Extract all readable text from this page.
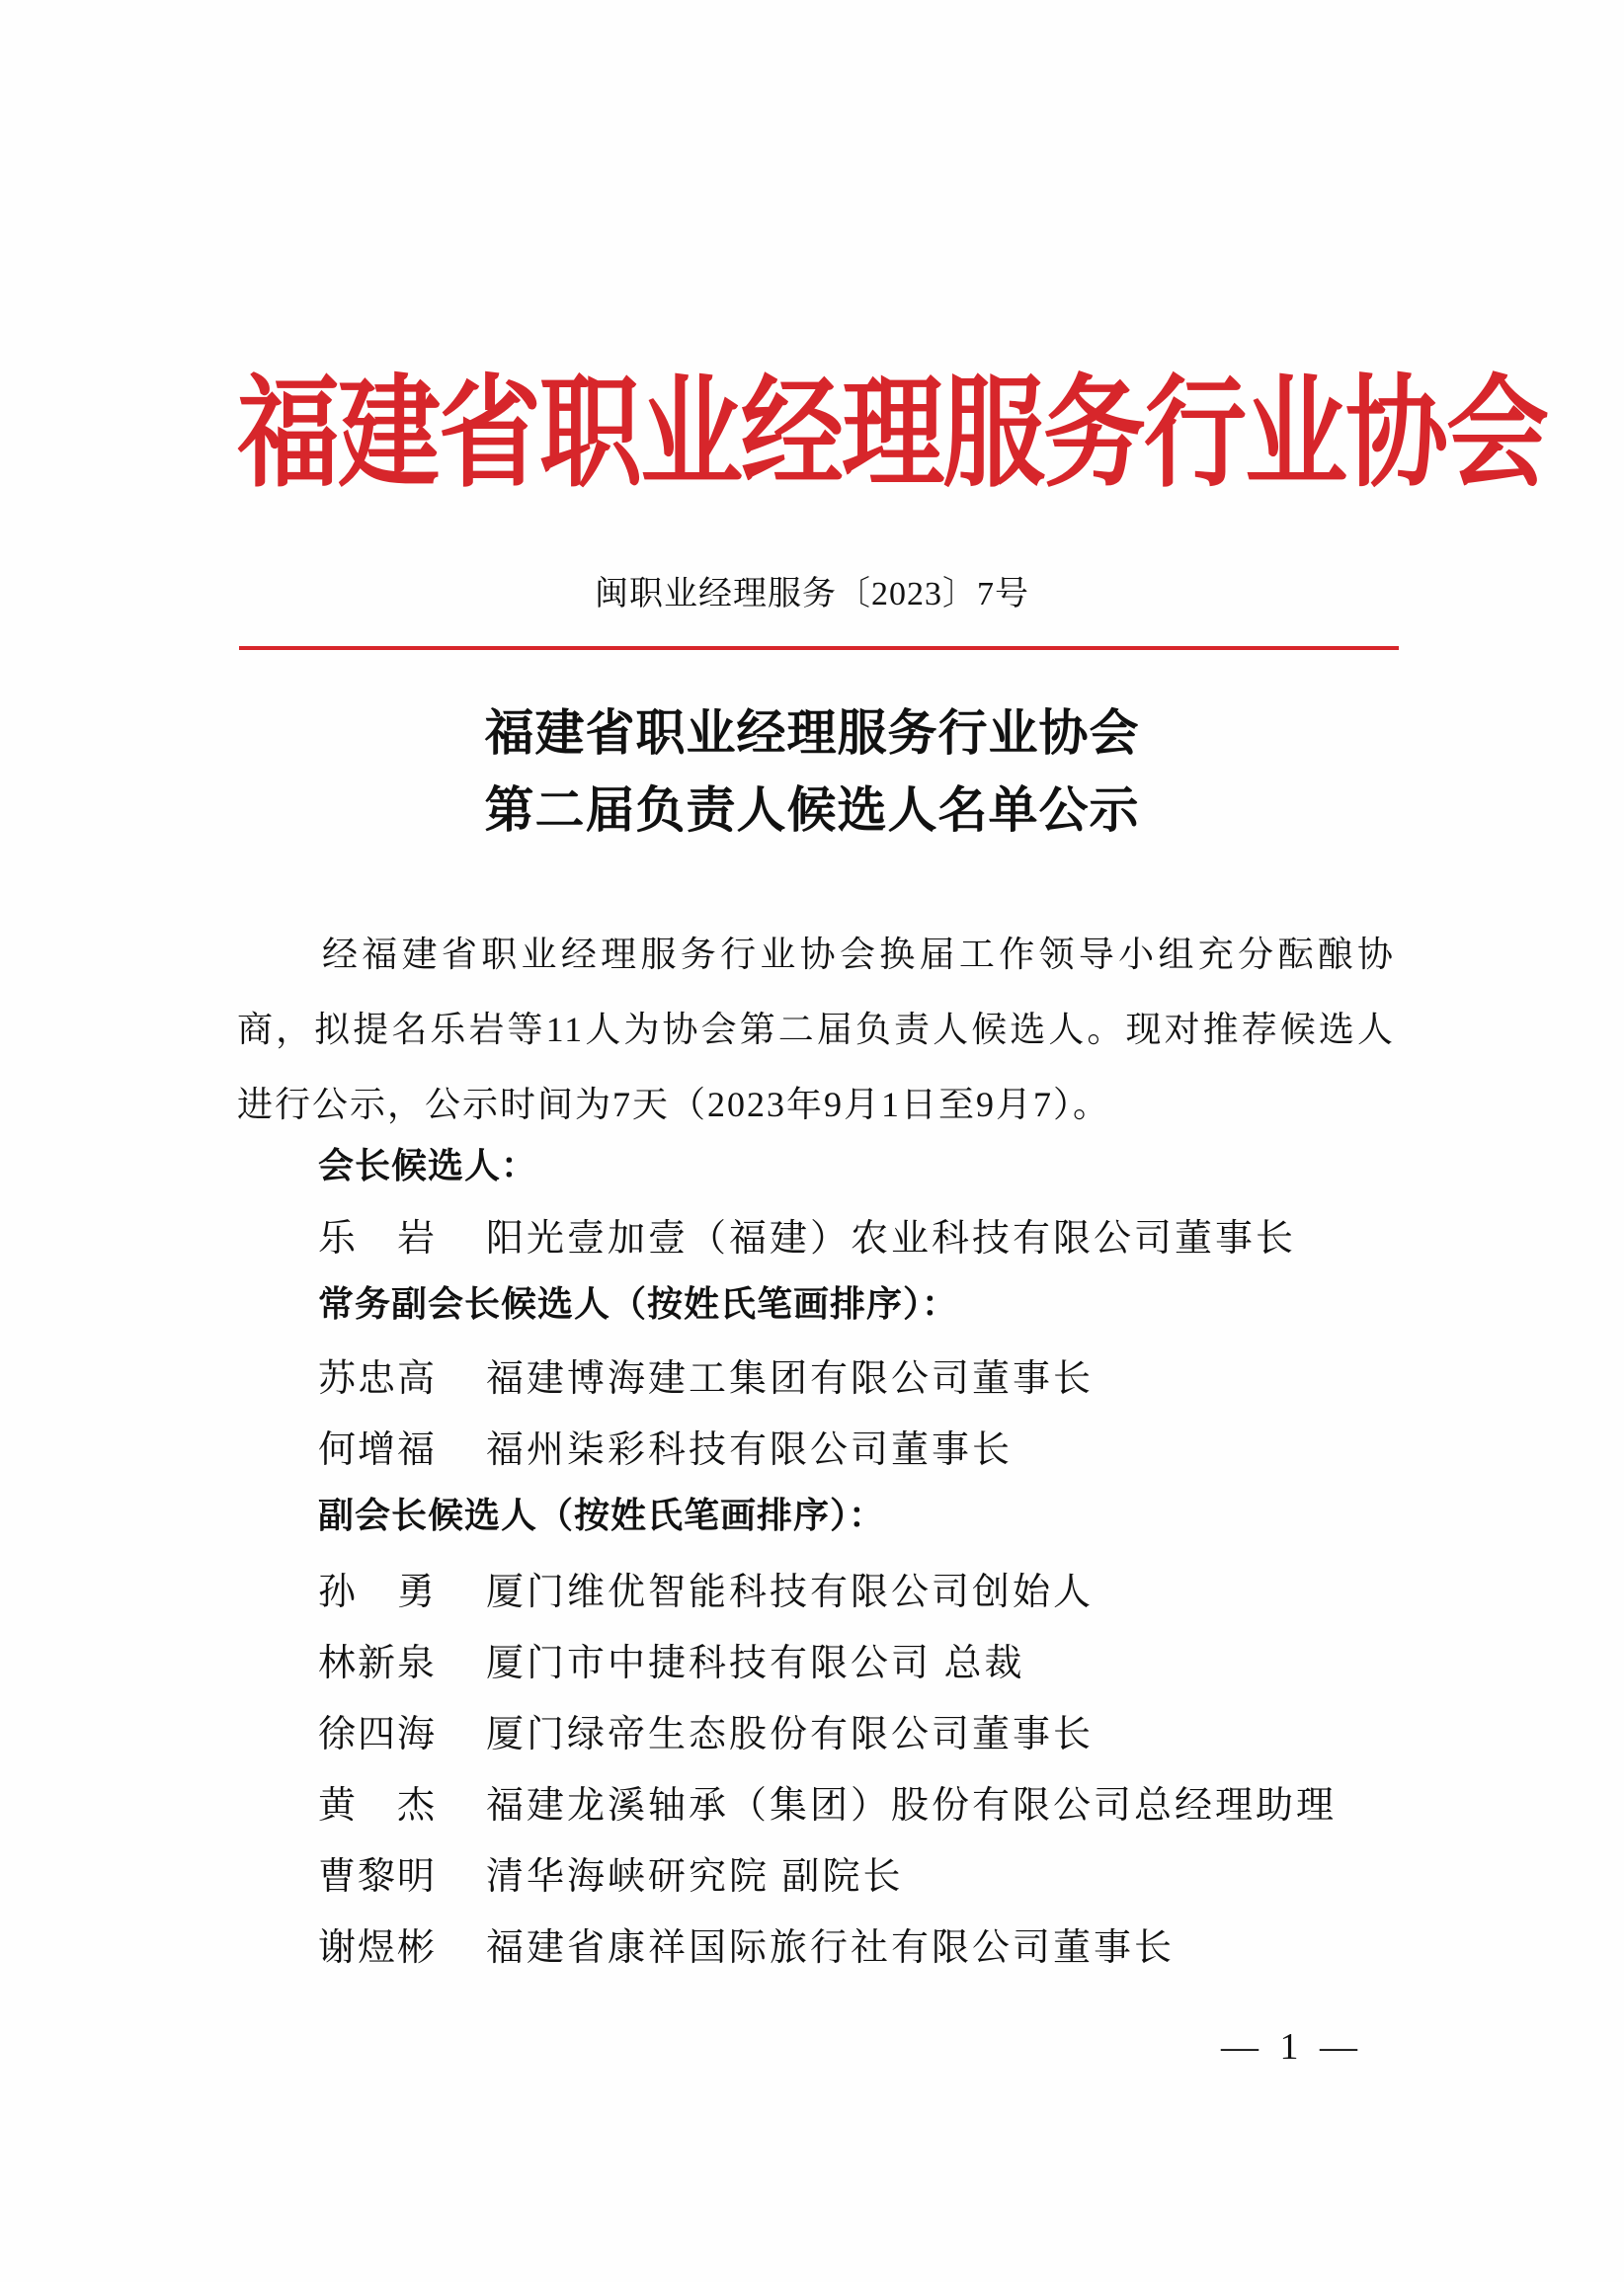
福建省职业经理服务行业协会
闽职业经理服务〔2023〕7号
福建省职业经理服务行业协会
第二届负责人候选人名单公示
经福建省职业经理服务行业协会换届工作领导小组充分酝酿协商，拟提名乐岩等11人为协会第二届负责人候选人。现对推荐候选人进行公示，公示时间为7天（2023年9月1日至9月7）。
会长候选人：
乐　岩 阳光壹加壹（福建）农业科技有限公司董事长
常务副会长候选人（按姓氏笔画排序）：
苏忠高 福建博海建工集团有限公司董事长
何增福 福州柒彩科技有限公司董事长
副会长候选人（按姓氏笔画排序）：
孙　勇 厦门维优智能科技有限公司创始人
林新泉 厦门市中捷科技有限公司 总裁
徐四海 厦门绿帝生态股份有限公司董事长
黄　杰 福建龙溪轴承（集团）股份有限公司总经理助理
曹黎明 清华海峡研究院 副院长
谢煜彬 福建省康祥国际旅行社有限公司董事长
— 1 —
